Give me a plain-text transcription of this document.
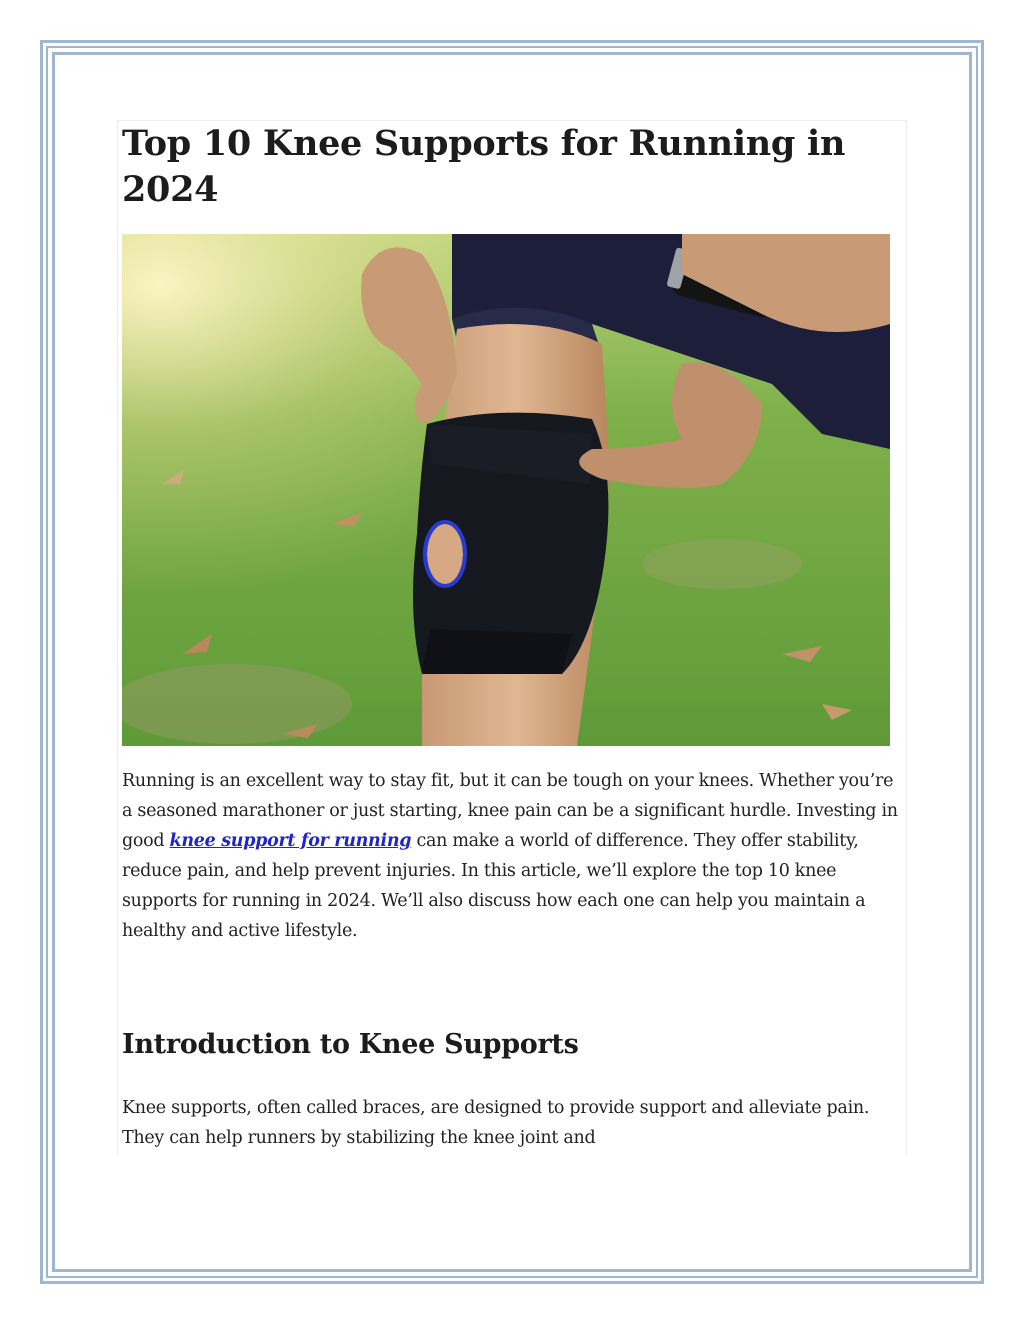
Top 10 Knee Supports for Running in 2024

Running is an excellent way to stay fit, but it can be tough on your knees. Whether you’re a seasoned marathoner or just starting, knee pain can be a significant hurdle. Investing in good knee support for running can make a world of difference. They offer stability, reduce pain, and help prevent injuries. In this article, we’ll explore the top 10 knee supports for running in 2024. We’ll also discuss how each one can help you maintain a healthy and active lifestyle.

Introduction to Knee Supports

Knee supports, often called braces, are designed to provide support and alleviate pain. They can help runners by stabilizing the knee joint and
